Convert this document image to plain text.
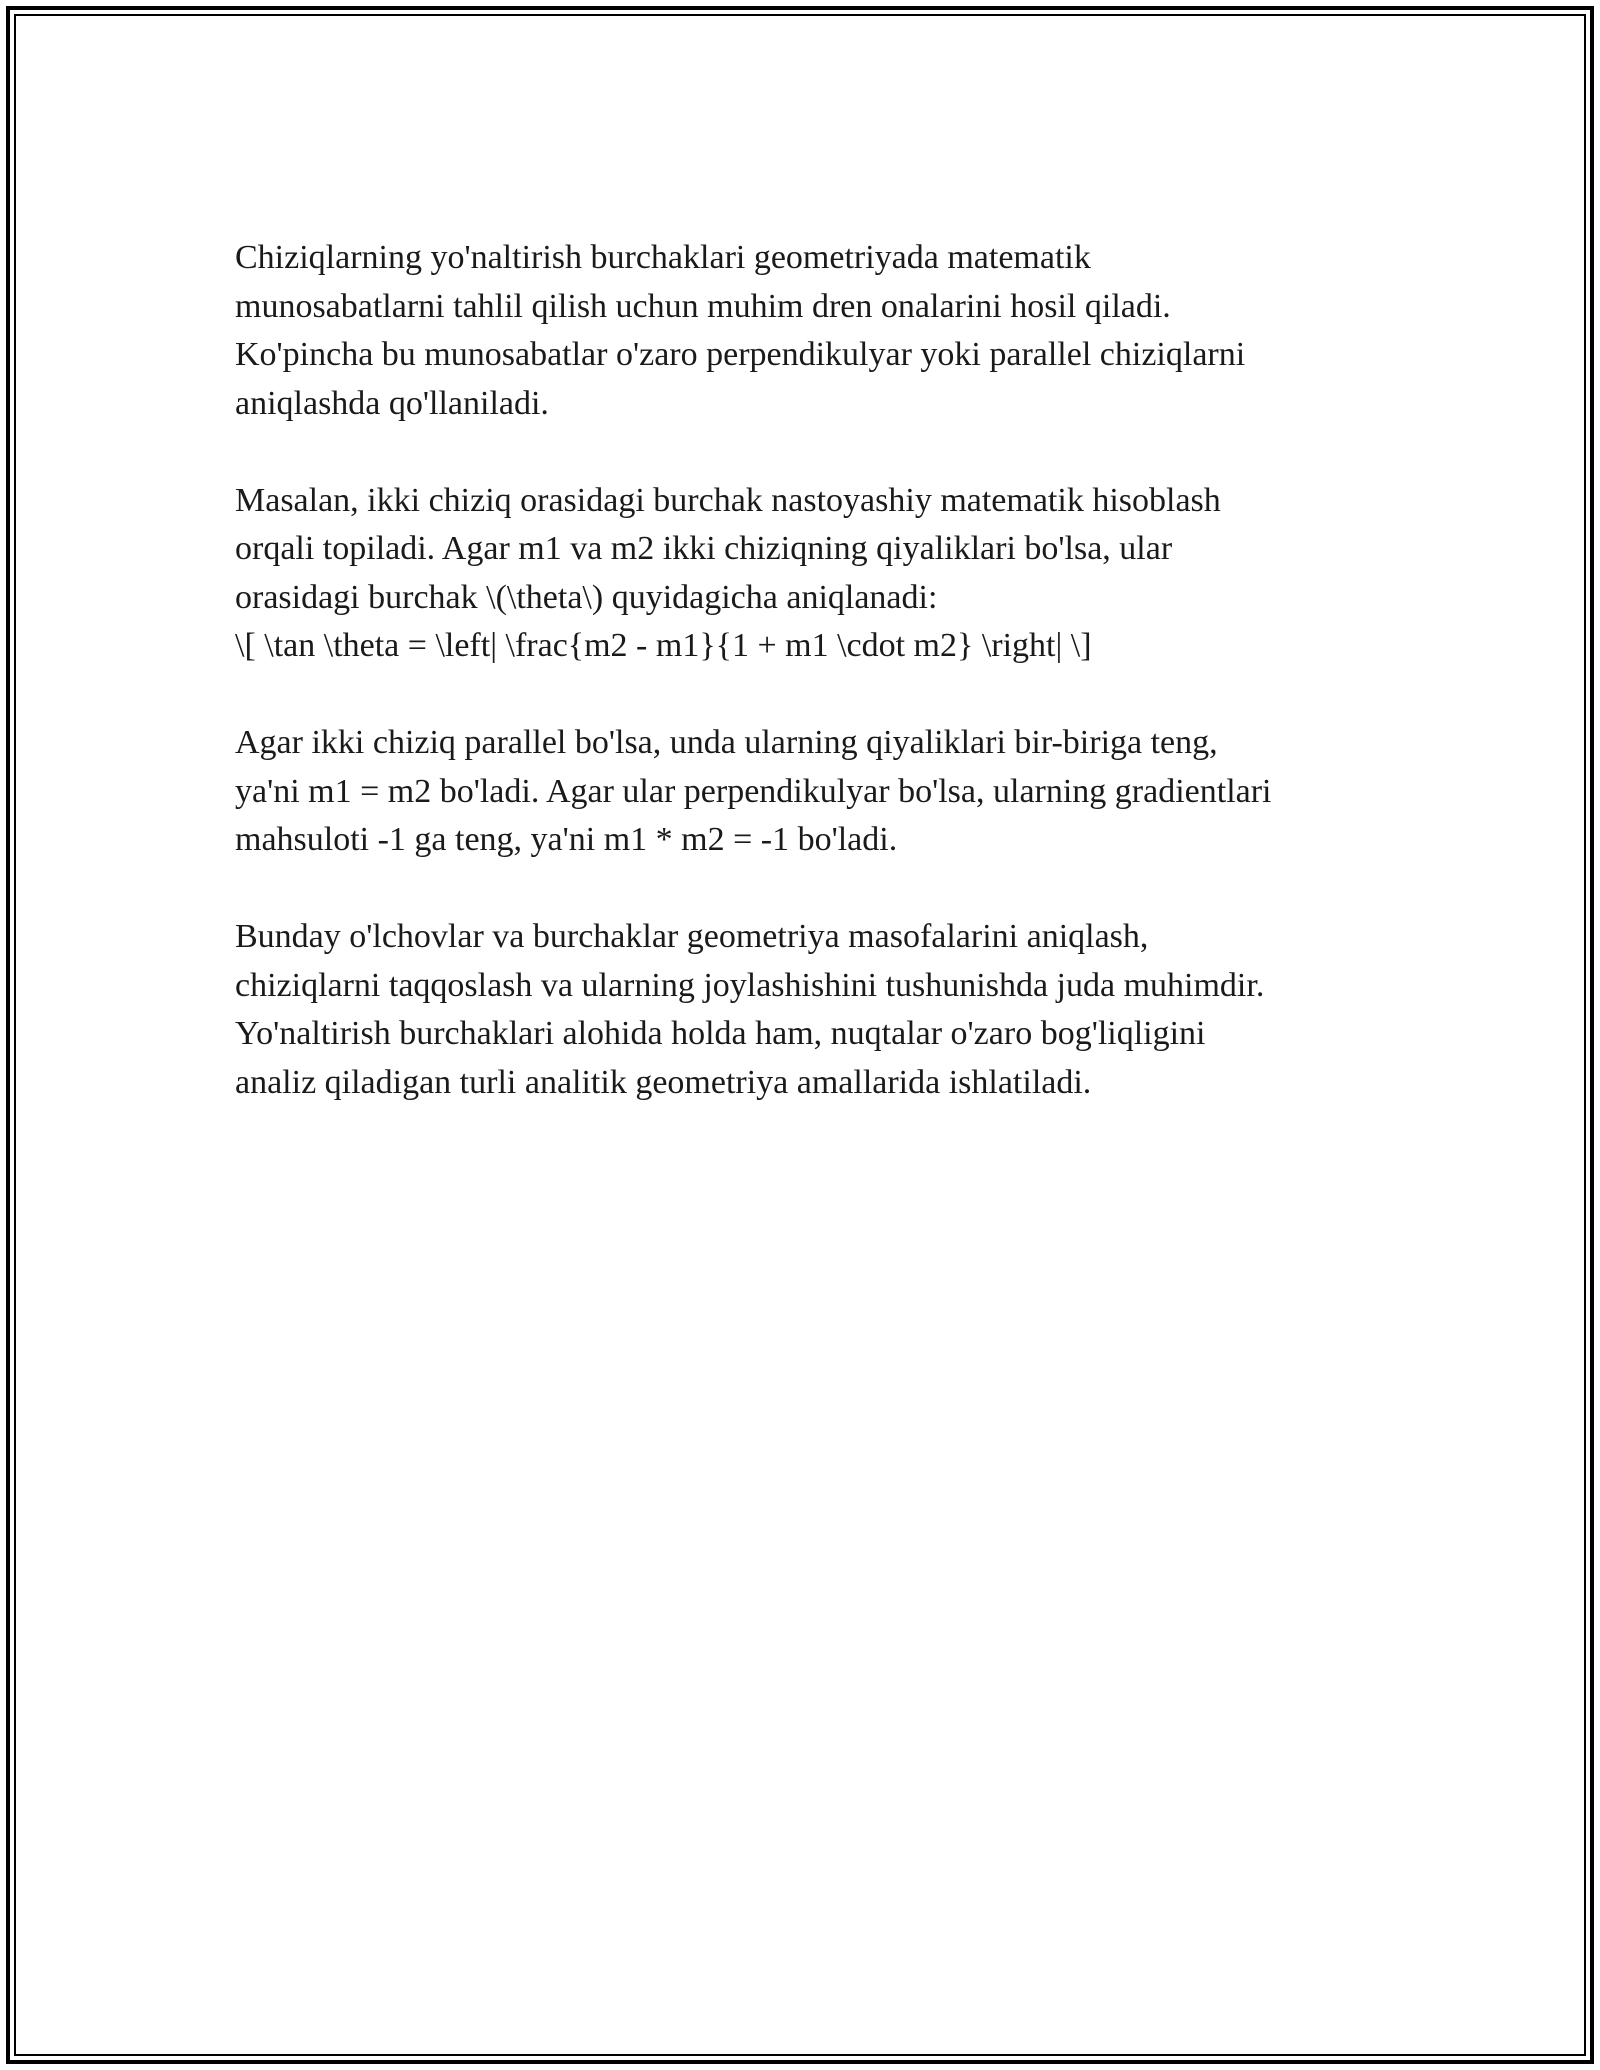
Chiziqlarning yo'naltirish burchaklari geometriyada matematik
munosabatlarni tahlil qilish uchun muhim dren onalarini hosil qiladi.
Ko'pincha bu munosabatlar o'zaro perpendikulyar yoki parallel chiziqlarni
aniqlashda qo'llaniladi.

Masalan, ikki chiziq orasidagi burchak nastoyashiy matematik hisoblash
orqali topiladi. Agar m1 va m2 ikki chiziqning qiyaliklari bo'lsa, ular
orasidagi burchak \(\theta\) quyidagicha aniqlanadi:
\[ \tan \theta = \left| \frac{m2 - m1}{1 + m1 \cdot m2} \right| \]

Agar ikki chiziq parallel bo'lsa, unda ularning qiyaliklari bir-biriga teng,
ya'ni m1 = m2 bo'ladi. Agar ular perpendikulyar bo'lsa, ularning gradientlari
mahsuloti -1 ga teng, ya'ni m1 * m2 = -1 bo'ladi.

Bunday o'lchovlar va burchaklar geometriya masofalarini aniqlash,
chiziqlarni taqqoslash va ularning joylashishini tushunishda juda muhimdir.
Yo'naltirish burchaklari alohida holda ham, nuqtalar o'zaro bog'liqligini
analiz qiladigan turli analitik geometriya amallarida ishlatiladi.
